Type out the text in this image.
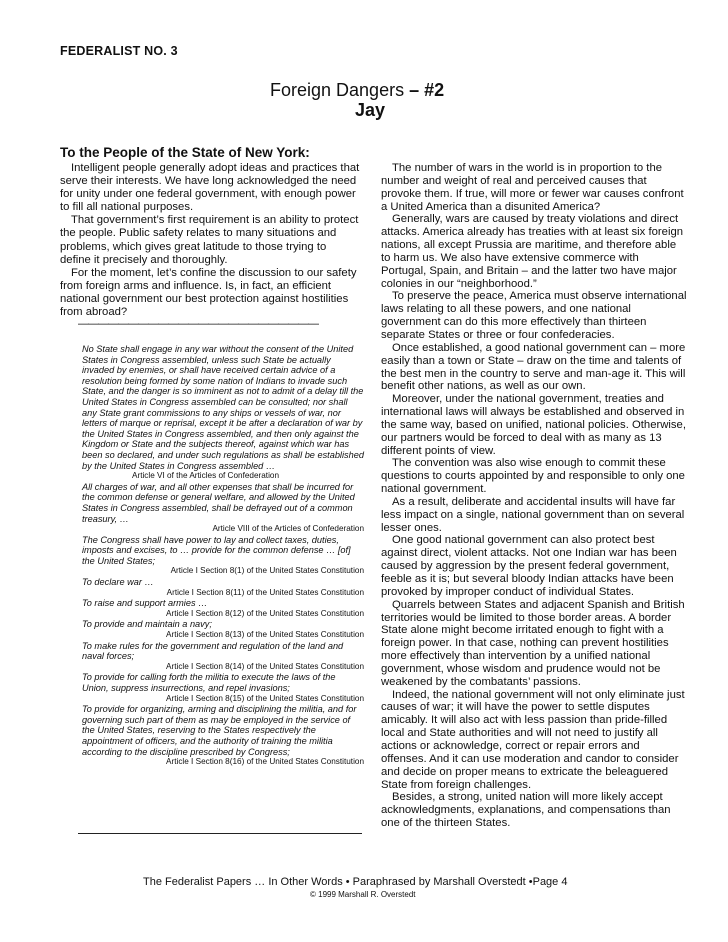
FEDERALIST NO. 3
Foreign Dangers – #2
Jay
To the People of the State of New York:

Intelligent people generally adopt ideas and practices that serve their interests. We have long acknowledged the need for unity under one federal government, with enough power to fill all national purposes.

That government’s first requirement is an ability to protect the people. Public safety relates to many situations and problems, which gives great latitude to those trying to define it precisely and thoroughly.

For the moment, let’s confine the discussion to our safety from foreign arms and influence. Is, in fact, an efficient national government our best protection against hostilities from abroad?

————————————————————————

No State shall engage in any war without the consent of the United States in Congress assembled, unless such State be actually invaded by enemies, or shall have received certain advice of a resolution being formed by some nation of Indians to invade such State, and the danger is so imminent as not to admit of a delay till the United States in Congress assembled can be consulted; nor shall any State grant commissions to any ships or vessels of war, nor letters of marque or reprisal, except it be after a declaration of war by the United States in Congress assembled, and then only against the Kingdom or State and the subjects thereof, against which war has been so declared, and under such regulations as shall be established by the United States in Congress assembled …

Article VI of the Articles of Confederation

All charges of war, and all other expenses that shall be incurred for the common defense or general welfare, and allowed by the United States in Congress assembled, shall be defrayed out of a common treasury, …

Article VIII of the Articles of Confederation

The Congress shall have power to lay and collect taxes, duties, imposts and excises, to … provide for the common defense … [of] the United States;

Article I Section 8(1) of the United States Constitution

To declare war …

Article I Section 8(11) of the United States Constitution

To raise and support armies …

Article I Section 8(12) of the United States Constitution

To provide and maintain a navy;

Article I Section 8(13) of the United States Constitution

To make rules for the government and regulation of the land and naval forces;

Article I Section 8(14) of the United States Constitution

To provide for calling forth the militia to execute the laws of the Union, suppress insurrections, and repel invasions;

Article I Section 8(15) of the United States Constitution

To provide for organizing, arming and disciplining the militia, and for governing such part of them as may be employed in the service of the United States, reserving to the States respectively the appointment of officers, and the authority of training the militia according to the discipline prescribed by Congress;

Article I Section 8(16) of the United States Constitution

The number of wars in the world is in proportion to the number and weight of real and perceived causes that provoke them. If true, will more or fewer war causes confront a United America than a disunited America?

Generally, wars are caused by treaty violations and direct attacks. America already has treaties with at least six foreign nations, all except Prussia are maritime, and therefore able to harm us. We also have extensive commerce with Portugal, Spain, and Britain – and the latter two have major colonies in our “neighborhood.”

To preserve the peace, America must observe international laws relating to all these powers, and one national government can do this more effectively than thirteen separate States or three or four confederacies.

Once established, a good national government can – more easily than a town or State – draw on the time and talents of the best men in the country to serve and man-age it. This will benefit other nations, as well as our own.

Moreover, under the national government, treaties and international laws will always be established and observed in the same way, based on unified, national policies. Otherwise, our partners would be forced to deal with as many as 13 different points of view.

The convention was also wise enough to commit these questions to courts appointed by and responsible to only one national government.

As a result, deliberate and accidental insults will have far less impact on a single, national government than on several lesser ones.

One good national government can also protect best against direct, violent attacks. Not one Indian war has been caused by aggression by the present federal government, feeble as it is; but several bloody Indian attacks have been provoked by improper conduct of individual States.

Quarrels between States and adjacent Spanish and British territories would be limited to those border areas. A border State alone might become irritated enough to fight with a foreign power. In that case, nothing can prevent hostilities more effectively than intervention by a unified national government, whose wisdom and prudence would not be weakened by the combatants’ passions.

Indeed, the national government will not only eliminate just causes of war; it will have the power to settle disputes amicably. It will also act with less passion than pride-filled local and State authorities and will not need to justify all actions or acknowledge, correct or repair errors and offenses. And it can use moderation and candor to consider and decide on proper means to extricate the beleaguered State from foreign challenges.

Besides, a strong, united nation will more likely accept acknowledgments, explanations, and compensations than one of the thirteen States.

The Federalist Papers … In Other Words • Paraphrased by Marshall Overstedt •Page 4
© 1999 Marshall R. Overstedt
